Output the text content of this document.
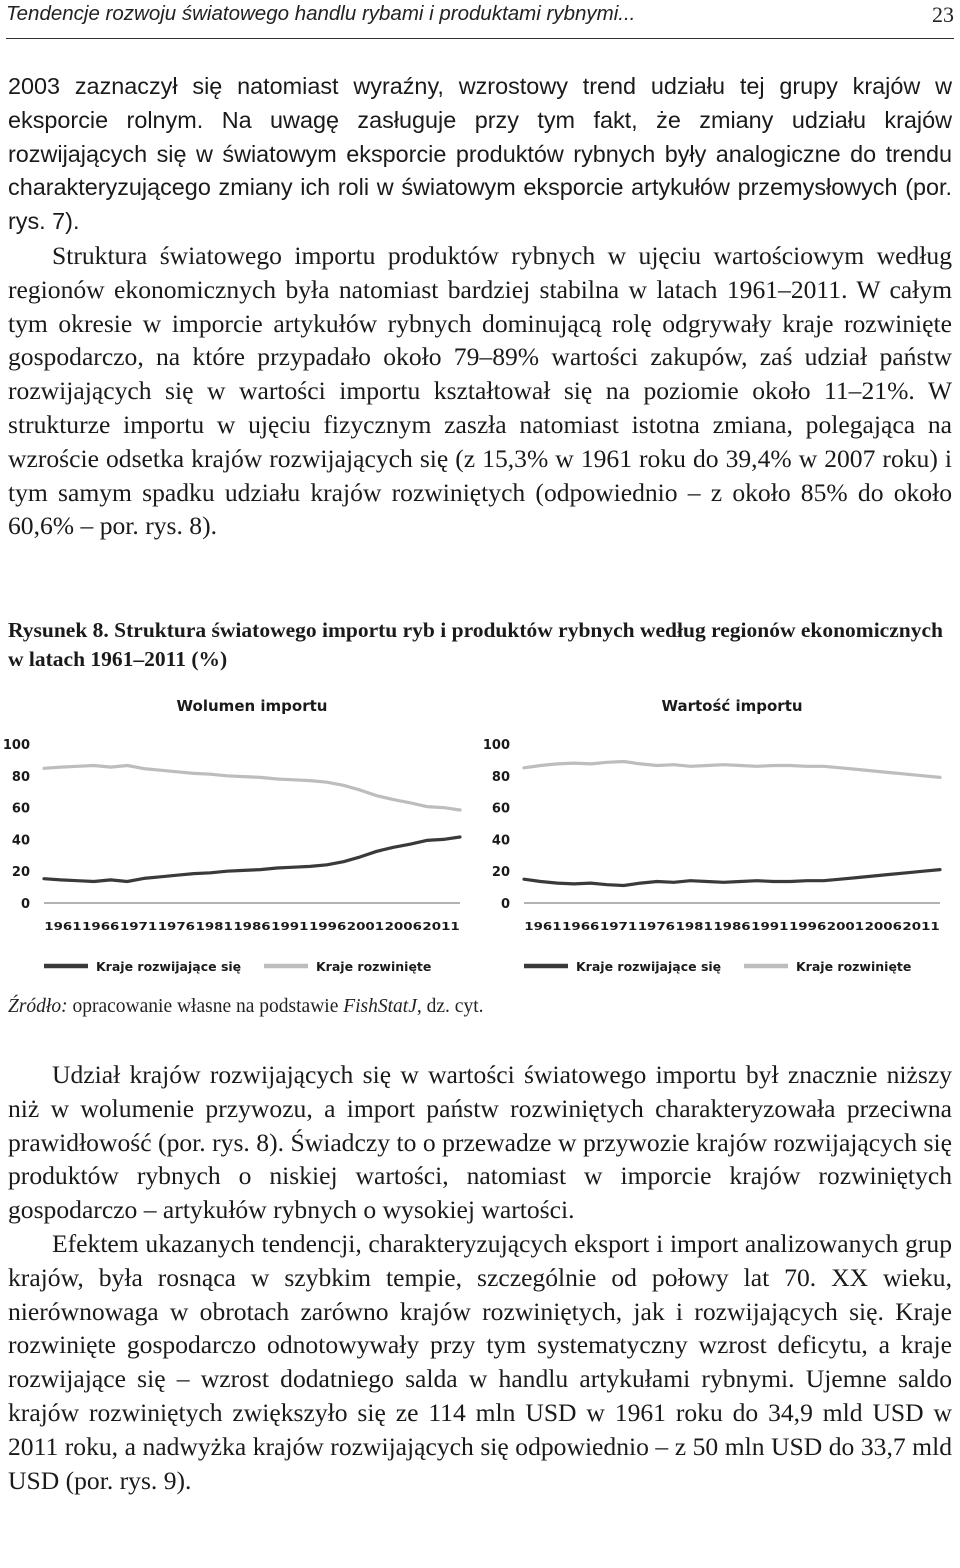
Tendencje rozwoju światowego handlu rybami i produktami rybnymi...	23

2003 zaznaczył się natomiast wyraźny, wzrostowy trend udziału tej grupy krajów w eksporcie rolnym. Na uwagę zasługuje przy tym fakt, że zmiany udziału krajów rozwijających się w światowym eksporcie produktów rybnych były analogiczne do trendu charakteryzującego zmiany ich roli w światowym eksporcie artykułów przemysłowych (por. rys. 7).

Struktura światowego importu produktów rybnych w ujęciu wartościowym według regionów ekonomicznych była natomiast bardziej stabilna w latach 1961–2011. W całym tym okresie w imporcie artykułów rybnych dominującą rolę odgrywały kraje rozwinięte gospodarczo, na które przypadało około 79–89% wartości zakupów, zaś udział państw rozwijających się w wartości importu kształtował się na poziomie około 11–21%. W strukturze importu w ujęciu fizycznym zaszła natomiast istotna zmiana, polegająca na wzroście odsetka krajów rozwijających się (z 15,3% w 1961 roku do 39,4% w 2007 roku) i tym samym spadku udziału krajów rozwiniętych (odpowiednio – z około 85% do około 60,6% – por. rys. 8).

Rysunek 8. Struktura światowego importu ryb i produktów rybnych według regionów ekonomicznych w latach 1961–2011 (%)
Wolumen importu
0
20
40
60
80
100
1961 1966 1971 1976 1981 1986 1991 1996 2001 2006 2011
Kraje rozwijające się	Kraje rozwinięte
Wartość importu
0
20
40
60
80
100
1961 1966 1971 1976 1981 1986 1991 1996 2001 2006 2011
Kraje rozwijające się	Kraje rozwinięte
Źródło: opracowanie własne na podstawie FishStatJ, dz. cyt.

Udział krajów rozwijających się w wartości światowego importu był znacznie niższy niż w wolumenie przywozu, a import państw rozwiniętych charakteryzowała przeciwna prawidłowość (por. rys. 8). Świadczy to o przewadze w przywozie krajów rozwijających się produktów rybnych o niskiej wartości, natomiast w imporcie krajów rozwiniętych gospodarczo – artykułów rybnych o wysokiej wartości.

Efektem ukazanych tendencji, charakteryzujących eksport i import analizowanych grup krajów, była rosnąca w szybkim tempie, szczególnie od połowy lat 70. XX wieku, nierównowaga w obrotach zarówno krajów rozwiniętych, jak i rozwijających się. Kraje rozwinięte gospodarczo odnotowywały przy tym systematyczny wzrost deficytu, a kraje rozwijające się – wzrost dodatniego salda w handlu artykułami rybnymi. Ujemne saldo krajów rozwiniętych zwiększyło się ze 114 mln USD w 1961 roku do 34,9 mld USD w 2011 roku, a nadwyżka krajów rozwijających się odpowiednio – z 50 mln USD do 33,7 mld USD (por. rys. 9).
